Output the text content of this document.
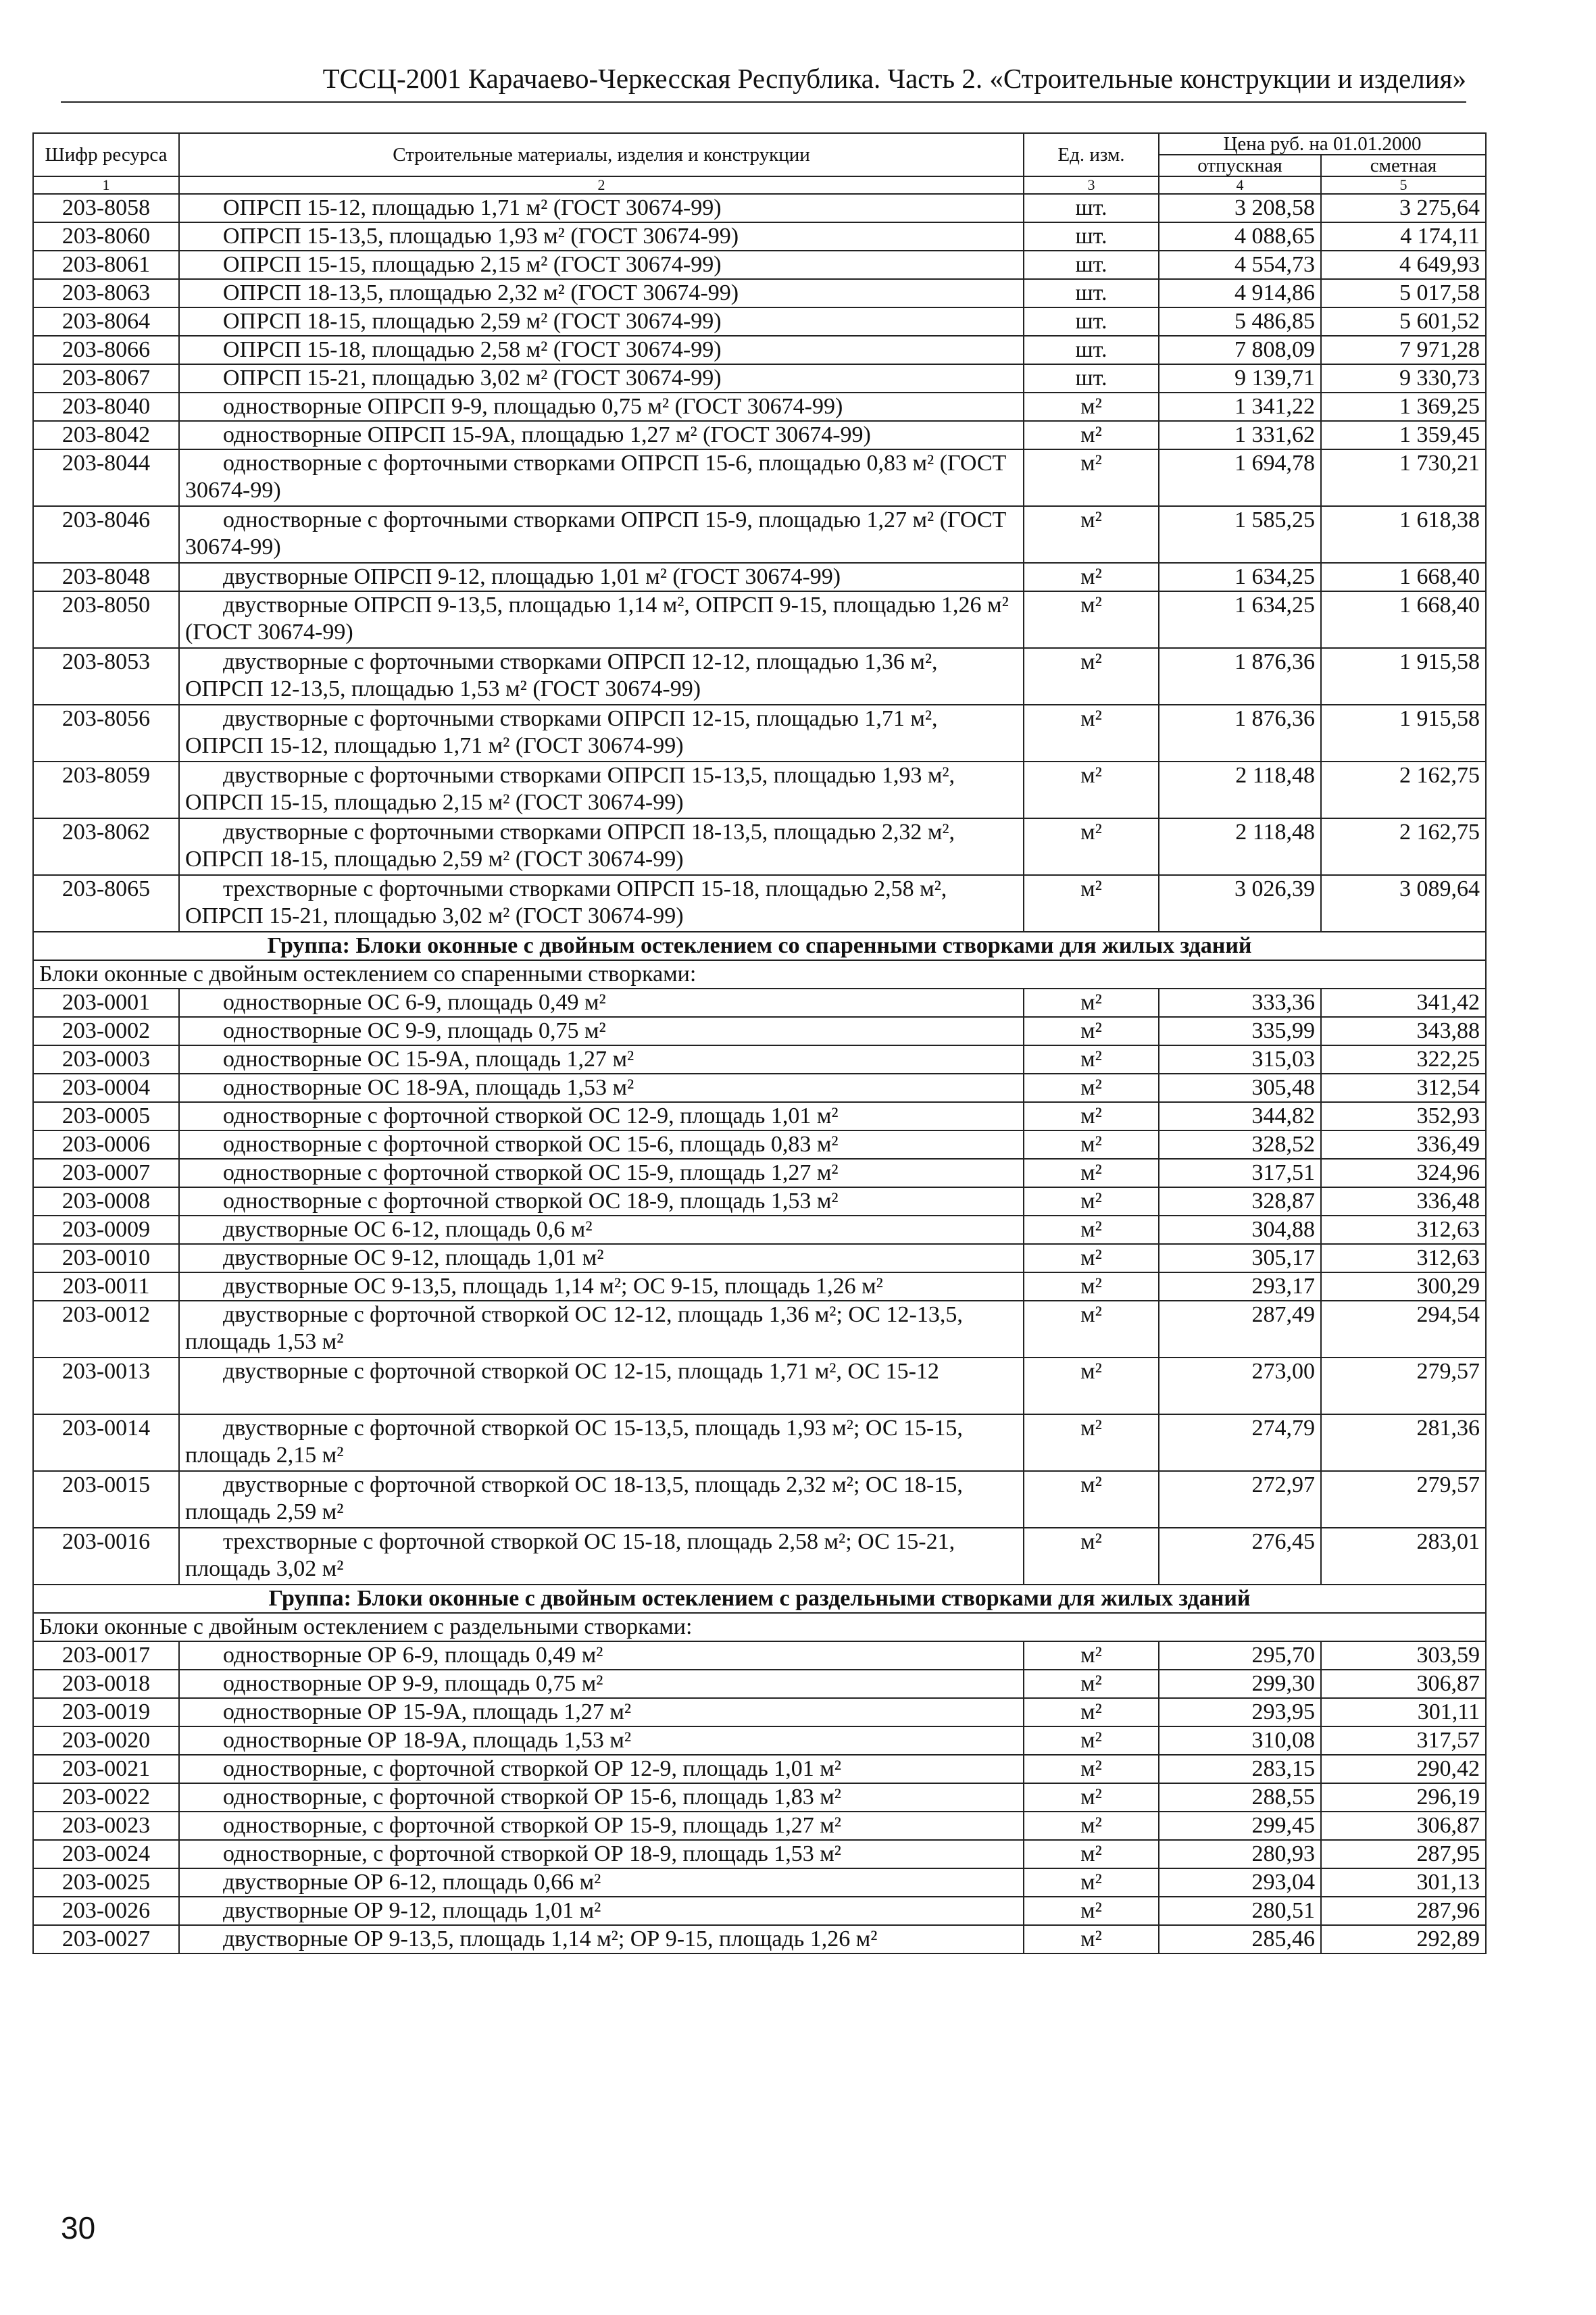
ТССЦ-2001 Карачаево-Черкесская Республика. Часть 2. «Строительные конструкции и изделия»
Шифр ресурса	Строительные материалы, изделия и конструкции	Ед. изм.	Цена руб. на 01.01.2000	
			отпускная	сметная
1	2	3	4	5
203-8058	ОПРСП 15-12, площадью 1,71 м² (ГОСТ 30674-99)	шт.	3 208,58	3 275,64
203-8060	ОПРСП 15-13,5, площадью 1,93 м² (ГОСТ 30674-99)	шт.	4 088,65	4 174,11
203-8061	ОПРСП 15-15, площадью 2,15 м² (ГОСТ 30674-99)	шт.	4 554,73	4 649,93
203-8063	ОПРСП 18-13,5, площадью 2,32 м² (ГОСТ 30674-99)	шт.	4 914,86	5 017,58
203-8064	ОПРСП 18-15, площадью 2,59 м² (ГОСТ 30674-99)	шт.	5 486,85	5 601,52
203-8066	ОПРСП 15-18, площадью 2,58 м² (ГОСТ 30674-99)	шт.	7 808,09	7 971,28
203-8067	ОПРСП 15-21, площадью 3,02 м² (ГОСТ 30674-99)	шт.	9 139,71	9 330,73
203-8040	одностворные ОПРСП 9-9, площадью 0,75 м² (ГОСТ 30674-99)	м²	1 341,22	1 369,25
203-8042	одностворные ОПРСП 15-9А, площадью 1,27 м² (ГОСТ 30674-99)	м²	1 331,62	1 359,45
203-8044	одностворные с форточными створками ОПРСП 15-6, площадью 0,83 м² (ГОСТ 30674-99)	м²	1 694,78	1 730,21
203-8046	одностворные с форточными створками ОПРСП 15-9, площадью 1,27 м² (ГОСТ 30674-99)	м²	1 585,25	1 618,38
203-8048	двустворные ОПРСП 9-12, площадью 1,01 м² (ГОСТ 30674-99)	м²	1 634,25	1 668,40
203-8050	двустворные ОПРСП 9-13,5, площадью 1,14 м², ОПРСП 9-15, площадью 1,26 м² (ГОСТ 30674-99)	м²	1 634,25	1 668,40
203-8053	двустворные с форточными створками ОПРСП 12-12, площадью 1,36 м², ОПРСП 12-13,5, площадью 1,53 м² (ГОСТ 30674-99)	м²	1 876,36	1 915,58
203-8056	двустворные с форточными створками ОПРСП 12-15, площадью 1,71 м², ОПРСП 15-12, площадью 1,71 м² (ГОСТ 30674-99)	м²	1 876,36	1 915,58
203-8059	двустворные с форточными створками ОПРСП 15-13,5, площадью 1,93 м², ОПРСП 15-15, площадью 2,15 м² (ГОСТ 30674-99)	м²	2 118,48	2 162,75
203-8062	двустворные с форточными створками ОПРСП 18-13,5, площадью 2,32 м², ОПРСП 18-15, площадью 2,59 м² (ГОСТ 30674-99)	м²	2 118,48	2 162,75
203-8065	трехстворные с форточными створками ОПРСП 15-18, площадью 2,58 м², ОПРСП 15-21, площадью 3,02 м² (ГОСТ 30674-99)	м²	3 026,39	3 089,64
Группа: Блоки оконные с двойным остеклением со спаренными створками для жилых зданий				
Блоки оконные с двойным остеклением со спаренными створками:				
203-0001	одностворные ОС 6-9, площадь 0,49 м²	м²	333,36	341,42
203-0002	одностворные ОС 9-9, площадь 0,75 м²	м²	335,99	343,88
203-0003	одностворные ОС 15-9А, площадь 1,27 м²	м²	315,03	322,25
203-0004	одностворные ОС 18-9А, площадь 1,53 м²	м²	305,48	312,54
203-0005	одностворные с форточной створкой ОС 12-9, площадь 1,01 м²	м²	344,82	352,93
203-0006	одностворные с форточной створкой ОС 15-6, площадь 0,83 м²	м²	328,52	336,49
203-0007	одностворные с форточной створкой ОС 15-9, площадь 1,27 м²	м²	317,51	324,96
203-0008	одностворные с форточной створкой ОС 18-9, площадь 1,53 м²	м²	328,87	336,48
203-0009	двустворные ОС 6-12, площадь 0,6 м²	м²	304,88	312,63
203-0010	двустворные ОС 9-12, площадь 1,01 м²	м²	305,17	312,63
203-0011	двустворные ОС 9-13,5, площадь 1,14 м²; ОС 9-15, площадь 1,26 м²	м²	293,17	300,29
203-0012	двустворные с форточной створкой ОС 12-12, площадь 1,36 м²; ОС 12-13,5, площадь 1,53 м²	м²	287,49	294,54
203-0013	двустворные с форточной створкой ОС 12-15, площадь 1,71 м², ОС 15-12	м²	273,00	279,57
203-0014	двустворные с форточной створкой ОС 15-13,5, площадь 1,93 м²; ОС 15-15, площадь 2,15 м²	м²	274,79	281,36
203-0015	двустворные с форточной створкой ОС 18-13,5, площадь 2,32 м²; ОС 18-15, площадь 2,59 м²	м²	272,97	279,57
203-0016	трехстворные с форточной створкой ОС 15-18, площадь 2,58 м²; ОС 15-21, площадь 3,02 м²	м²	276,45	283,01
Группа: Блоки оконные с двойным остеклением с раздельными створками для жилых зданий				
Блоки оконные с двойным остеклением с раздельными створками:				
203-0017	одностворные ОР 6-9, площадь 0,49 м²	м²	295,70	303,59
203-0018	одностворные ОР 9-9, площадь 0,75 м²	м²	299,30	306,87
203-0019	одностворные ОР 15-9А, площадь 1,27 м²	м²	293,95	301,11
203-0020	одностворные ОР 18-9А, площадь 1,53 м²	м²	310,08	317,57
203-0021	одностворные, с форточной створкой ОР 12-9, площадь 1,01 м²	м²	283,15	290,42
203-0022	одностворные, с форточной створкой ОР 15-6, площадь 1,83 м²	м²	288,55	296,19
203-0023	одностворные, с форточной створкой ОР 15-9, площадь 1,27 м²	м²	299,45	306,87
203-0024	одностворные, с форточной створкой ОР 18-9, площадь 1,53 м²	м²	280,93	287,95
203-0025	двустворные ОР 6-12, площадь 0,66 м²	м²	293,04	301,13
203-0026	двустворные ОР 9-12, площадь 1,01 м²	м²	280,51	287,96
203-0027	двустворные ОР 9-13,5, площадь 1,14 м²; ОР 9-15, площадь 1,26 м²	м²	285,46	292,89
30
